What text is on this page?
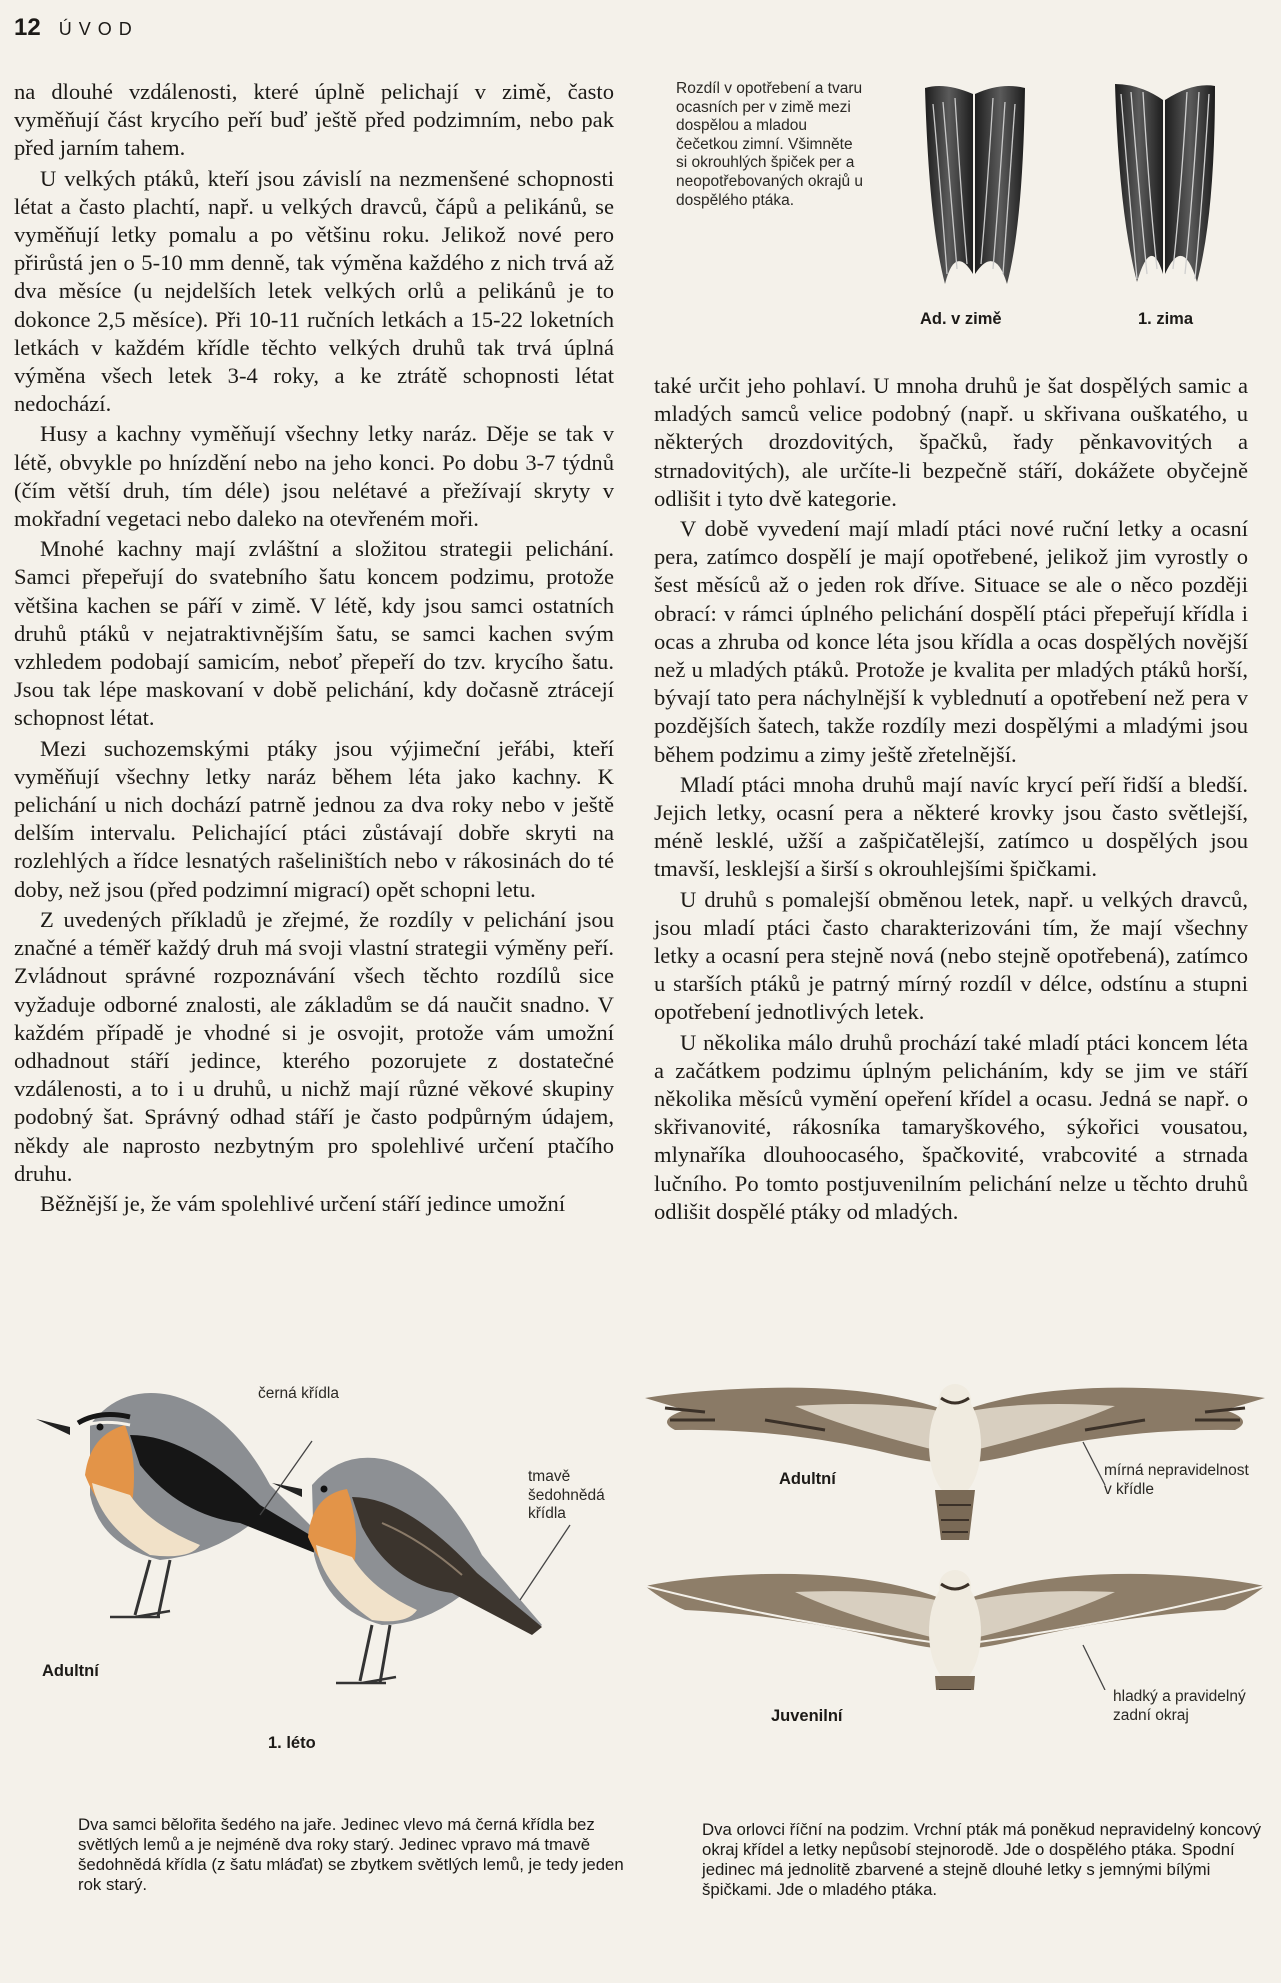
12 ÚVOD

na dlouhé vzdálenosti, které úplně pelichají v zimě, často vyměňují část krycího peří buď ještě před podzimním, nebo pak před jarním tahem.

U velkých ptáků, kteří jsou závislí na nezmenšené schopnosti létat a často plachtí, např. u velkých dravců, čápů a pelikánů, se vyměňují letky pomalu a po většinu roku. Jelikož nové pero přirůstá jen o 5-10 mm denně, tak výměna každého z nich trvá až dva měsíce (u nejdelších letek velkých orlů a pelikánů je to dokonce 2,5 měsíce). Při 10-11 ručních letkách a 15-22 loketních letkách v každém křídle těchto velkých druhů tak trvá úplná výměna všech letek 3-4 roky, a ke ztrátě schopnosti létat nedochází.

Husy a kachny vyměňují všechny letky naráz. Děje se tak v létě, obvykle po hnízdění nebo na jeho konci. Po dobu 3-7 týdnů (čím větší druh, tím déle) jsou nelétavé a přežívají skryty v mokřadní vegetaci nebo daleko na otevřeném moři.

Mnohé kachny mají zvláštní a složitou strategii pelichání. Samci přepeřují do svatebního šatu koncem podzimu, protože většina kachen se páří v zimě. V létě, kdy jsou samci ostatních druhů ptáků v nejatraktivnějším šatu, se samci kachen svým vzhledem podobají samicím, neboť přepeří do tzv. krycího šatu. Jsou tak lépe maskovaní v době pelichání, kdy dočasně ztrácejí schopnost létat.

Mezi suchozemskými ptáky jsou výjimeční jeřábi, kteří vyměňují všechny letky naráz během léta jako kachny. K pelichání u nich dochází patrně jednou za dva roky nebo v ještě delším intervalu. Pelichající ptáci zůstávají dobře skryti na rozlehlých a řídce lesnatých rašeliništích nebo v rákosinách do té doby, než jsou (před podzimní migrací) opět schopni letu.

Z uvedených příkladů je zřejmé, že rozdíly v pelichání jsou značné a téměř každý druh má svoji vlastní strategii výměny peří. Zvládnout správné rozpoznávání všech těchto rozdílů sice vyžaduje odborné znalosti, ale základům se dá naučit snadno. V každém případě je vhodné si je osvojit, protože vám umožní odhadnout stáří jedince, kterého pozorujete z dostatečné vzdálenosti, a to i u druhů, u nichž mají různé věkové skupiny podobný šat. Správný odhad stáří je často podpůrným údajem, někdy ale naprosto nezbytným pro spolehlivé určení ptačího druhu.

Běžnější je, že vám spolehlivé určení stáří jedince umožní

Rozdíl v opotřebení a tvaru ocasních per v zimě mezi dospělou a mladou čečetkou zimní. Všimněte si okrouhlých špiček per a neopotřebovaných okrajů u dospělého ptáka.
Ad. v zimě	1. zima

také určit jeho pohlaví. U mnoha druhů je šat dospělých samic a mladých samců velice podobný (např. u skřivana ouškatého, u některých drozdovitých, špačků, řady pěnkavovitých a strnadovitých), ale určíte-li bezpečně stáří, dokážete obyčejně odlišit i tyto dvě kategorie.

V době vyvedení mají mladí ptáci nové ruční letky a ocasní pera, zatímco dospělí je mají opotřebené, jelikož jim vyrostly o šest měsíců až o jeden rok dříve. Situace se ale o něco později obrací: v rámci úplného pelichání dospělí ptáci přepeřují křídla i ocas a zhruba od konce léta jsou křídla a ocas dospělých novější než u mladých ptáků. Protože je kvalita per mladých ptáků horší, bývají tato pera náchylnější k vyblednutí a opotřebení než pera v pozdějších šatech, takže rozdíly mezi dospělými a mladými jsou během podzimu a zimy ještě zřetelnější.

Mladí ptáci mnoha druhů mají navíc krycí peří řidší a bledší. Jejich letky, ocasní pera a některé krovky jsou často světlejší, méně lesklé, užší a zašpičatělejší, zatímco u dospělých jsou tmavší, lesklejší a širší s okrouhlejšími špičkami.

U druhů s pomalejší obměnou letek, např. u velkých dravců, jsou mladí ptáci často charakterizováni tím, že mají všechny letky a ocasní pera stejně nová (nebo stejně opotřebená), zatímco u starších ptáků je patrný mírný rozdíl v délce, odstínu a stupni opotřebení jednotlivých letek.

U několika málo druhů prochází také mladí ptáci koncem léta a začátkem podzimu úplným pelicháním, kdy se jim ve stáří několika měsíců vymění opeření křídel a ocasu. Jedná se např. o skřivanovité, rákosníka tamaryškového, sýkořici vousatou, mlynaříka dlouhoocasého, špačkovité, vrabcovité a strnada lučního. Po tomto postjuvenilním pelichání nelze u těchto druhů odlišit dospělé ptáky od mladých.

černá křídla
tmavě šedohnědá křídla
Adultní
1. léto
Dva samci bělořita šedého na jaře. Jedinec vlevo má černá křídla bez světlých lemů a je nejméně dva roky starý. Jedinec vpravo má tmavě šedohnědá křídla (z šatu mláďat) se zbytkem světlých lemů, je tedy jeden rok starý.
Adultní	mírná nepravidelnost v křídle
Juvenilní
hladký a pravidelný zadní okraj
Dva orlovci říční na podzim. Vrchní pták má poněkud nepravidelný koncový okraj křídel a letky nepůsobí stejnorodě. Jde o dospělého ptáka. Spodní jedinec má jednolitě zbarvené a stejně dlouhé letky s jemnými bílými špičkami. Jde o mladého ptáka.
